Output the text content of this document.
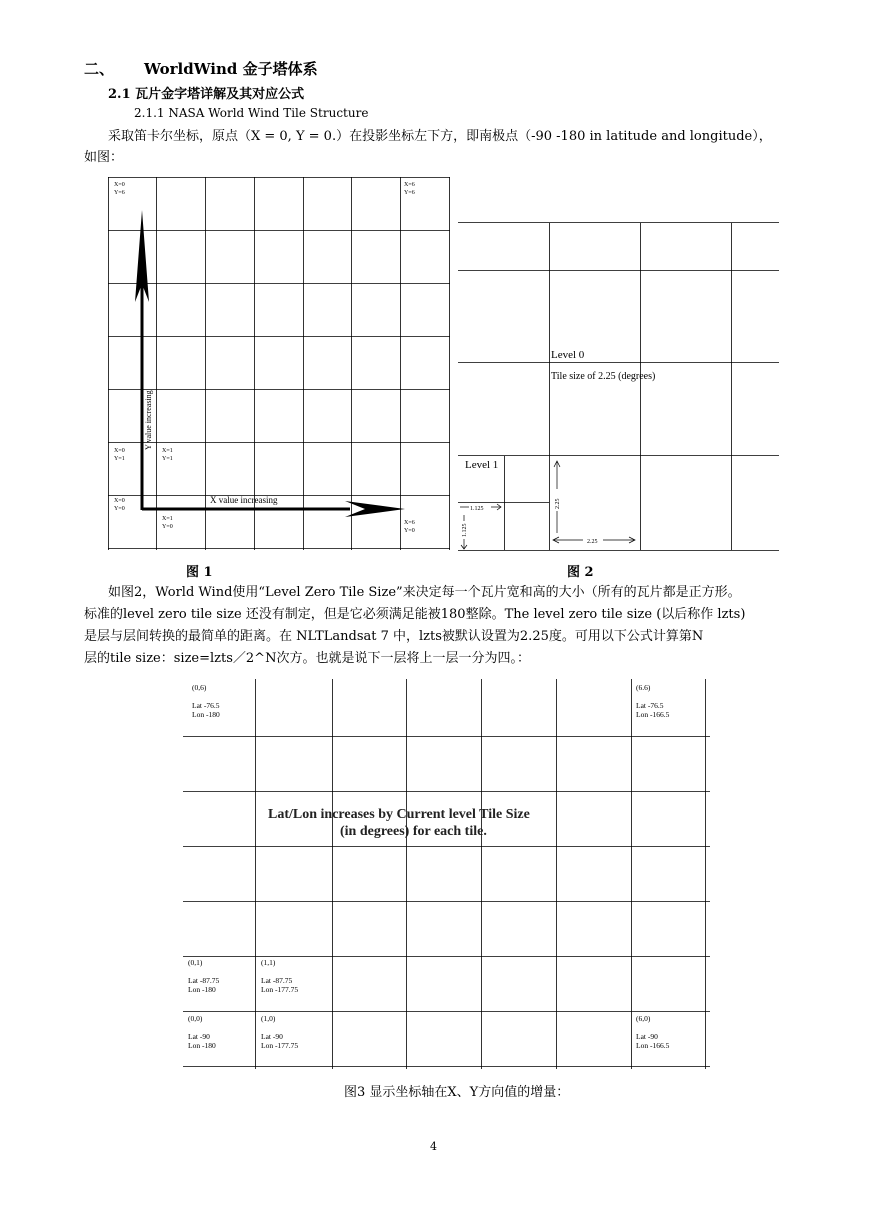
二、 WorldWind 金子塔体系
2.1 瓦片金字塔详解及其对应公式
2.1.1 NASA World Wind Tile Structure
采取笛卡尔坐标，原点（X = 0, Y = 0.）在投影坐标左下方，即南极点（-90 -180 in latitude and longitude），
如图：
Y value increasing
X value increasing
X=0 Y=6
X=6 Y=6
X=0 Y=1
X=1 Y=1
X=0 Y=0
X=1 Y=0
X=6 Y=0
图 1
Level 0
Tile size of 2.25 (degrees)
Level 1
1.125
1.125
2.25
2.25
图 2
如图2，World Wind使用“Level Zero Tile Size”来决定每一个瓦片宽和高的大小（所有的瓦片都是正方形。
标准的level zero tile size 还没有制定，但是它必须满足能被180整除。The level zero tile size (以后称作 lzts)
是层与层间转换的最简单的距离。在 NLTLandsat 7 中，lzts被默认设置为2.25度。可用以下公式计算第N
层的tile size：size=lzts／2^N次方。也就是说下一层将上一层一分为四。：
Lat/Lon increases by Current level Tile Size
(in degrees) for each tile.
(0,6) Lat -76.5 Lon -180
(6.6) Lat -76.5 Lon -166.5
(0,1) Lat -87.75 Lon -180
(1,1) Lat -87.75 Lon -177.75
(0,0) Lat -90 Lon -180
(1,0) Lat -90 Lon -177.75
(6,0) Lat -90 Lon -166.5
图3 显示坐标轴在X、Y方向值的增量：
4
